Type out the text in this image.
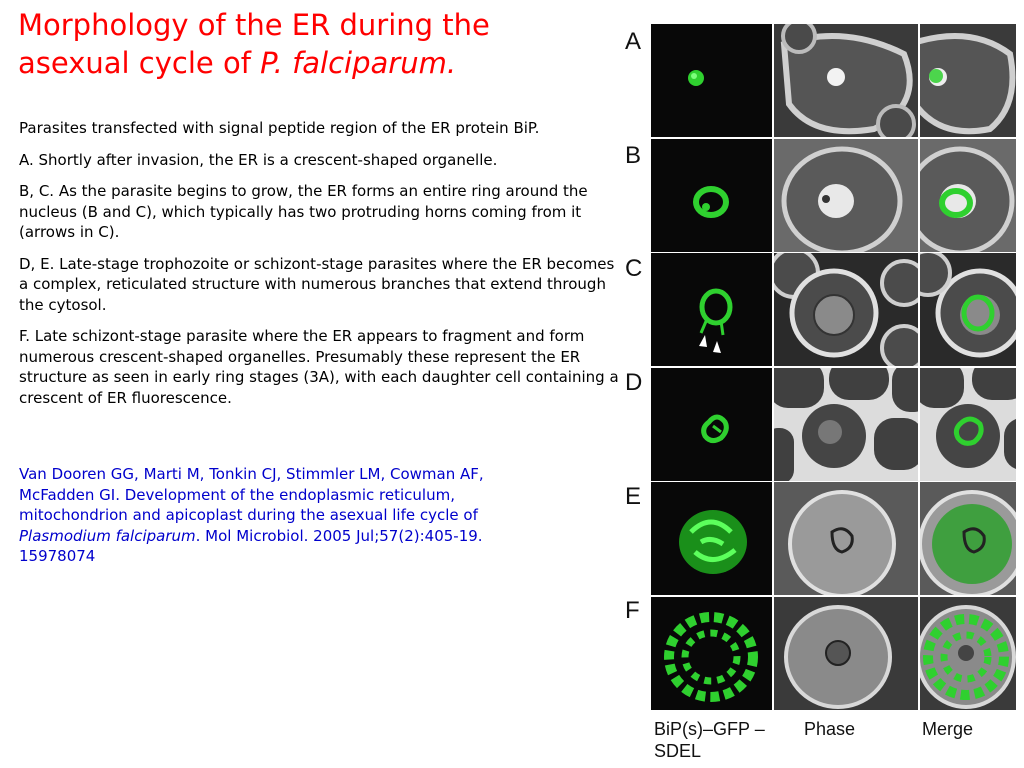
Morphology of the ER during the
asexual cycle of P. falciparum.

Parasites transfected with signal peptide region of the ER protein BiP.

A. Shortly after invasion, the ER is a crescent-shaped organelle.

B, C. As the parasite begins to grow, the ER forms an entire ring around the nucleus (B and C), which typically has two protruding horns coming from it (arrows in C).

D, E. Late-stage trophozoite or schizont-stage parasites where the ER becomes a complex, reticulated structure with numerous branches that extend through the cytosol.

F. Late schizont-stage parasite where the ER appears to fragment and form numerous crescent-shaped organelles. Presumably these represent the ER structure as seen in early ring stages (3A), with each daughter cell containing a crescent of ER fluorescence.

Van Dooren GG, Marti M, Tonkin CJ, Stimmler LM, Cowman AF, McFadden GI. Development of the endoplasmic reticulum, mitochondrion and apicoplast during the asexual life cycle of Plasmodium falciparum. Mol Microbiol. 2005 Jul;57(2):405-19. 15978074
A
B
C
D
E
F
BiP(s)–GFP –SDEL
Phase	Merge
